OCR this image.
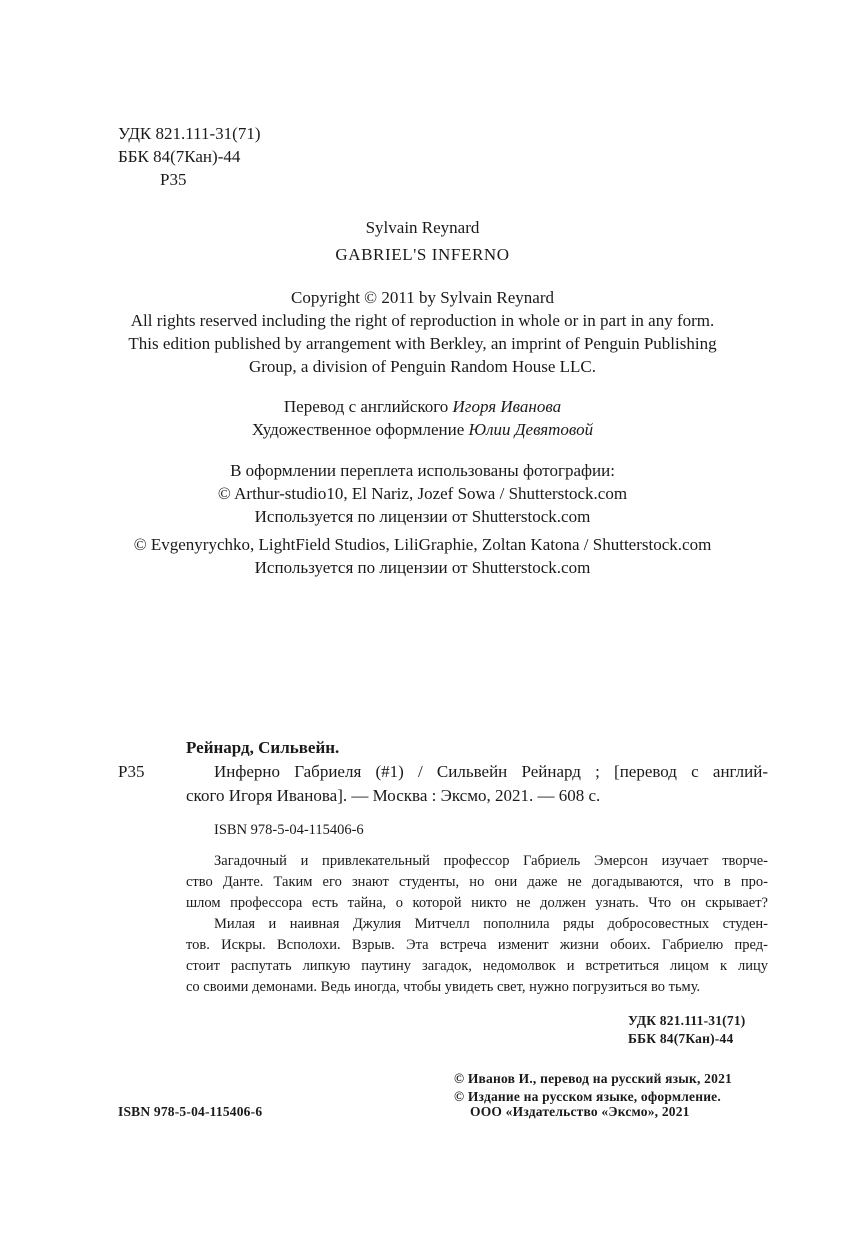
УДК 821.111-31(71)
ББК 84(7Кан)-44
Р35
Sylvain Reynard
GABRIEL'S INFERNO
Copyright © 2011 by Sylvain Reynard
All rights reserved including the right of reproduction in whole or in part in any form.
This edition published by arrangement with Berkley, an imprint of Penguin Publishing
Group, a division of Penguin Random House LLC.
Перевод с английского Игоря Иванова
Художественное оформление Юлии Девятовой
В оформлении переплета использованы фотографии:
© Arthur-studio10, El Nariz, Jozef Sowa / Shutterstock.com
Используется по лицензии от Shutterstock.com
© Evgenyrychko, LightField Studios, LiliGraphie, Zoltan Katona / Shutterstock.com
Используется по лицензии от Shutterstock.com
Рейнард, Сильвейн.
Р35	Инферно Габриеля (#1) / Сильвейн Рейнард ; [перевод с англий-
ского Игоря Иванова]. — Москва : Эксмо, 2021. — 608 с.
ISBN 978-5-04-115406-6
Загадочный и привлекательный профессор Габриель Эмерсон изучает творче-
ство Данте. Таким его знают студенты, но они даже не догадываются, что в про-
шлом профессора есть тайна, о которой никто не должен узнать. Что он скрывает?
Милая и наивная Джулия Митчелл пополнила ряды добросовестных студен-
тов. Искры. Всполохи. Взрыв. Эта встреча изменит жизни обоих. Габриелю пред-
стоит распутать липкую паутину загадок, недомолвок и встретиться лицом к лицу
со своими демонами. Ведь иногда, чтобы увидеть свет, нужно погрузиться во тьму.
УДК 821.111-31(71)
ББК 84(7Кан)-44
© Иванов И., перевод на русский язык, 2021
© Издание на русском языке, оформление.
ISBN 978-5-04-115406-6	ООО «Издательство «Эксмо», 2021
